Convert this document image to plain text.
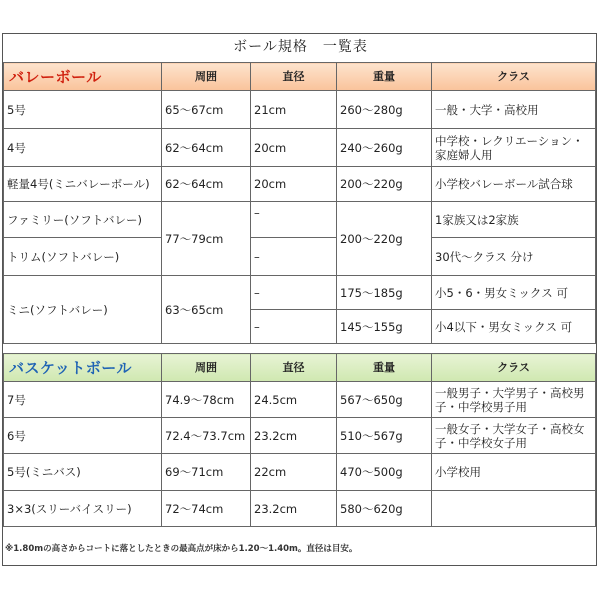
ボール規格　一覧表
バレーボール	周囲	直径	重量	クラス
5号	65～67cm	21cm	260～280g	一般・大学・高校用
4号	62～64cm	20cm	240～260g	中学校・レクリエーション・家庭婦人用
軽量4号(ミニバレーボール)	62～64cm	20cm	200～220g	小学校バレーボール試合球
ファミリー(ソフトバレー)	77～79cm	–	200～220g	1家族又は2家族
トリム(ソフトバレー)		–		30代～クラス 分け
ミニ(ソフトバレー)	63～65cm	–	175～185g	小5・6・男女ミックス 可
		–	145～155g	小4以下・男女ミックス 可
バスケットボール	周囲	直径	重量	クラス
7号	74.9～78cm	24.5cm	567～650g	一般男子・大学男子・高校男子・中学校男子用
6号	72.4～73.7cm	23.2cm	510～567g	一般女子・大学女子・高校女子・中学校女子用
5号(ミニバス)	69～71cm	22cm	470～500g	小学校用
3×3(スリーバイスリー)	72～74cm	23.2cm	580～620g	
※1.80mの高さからコートに落としたときの最高点が床から1.20～1.40m。直径は目安。
